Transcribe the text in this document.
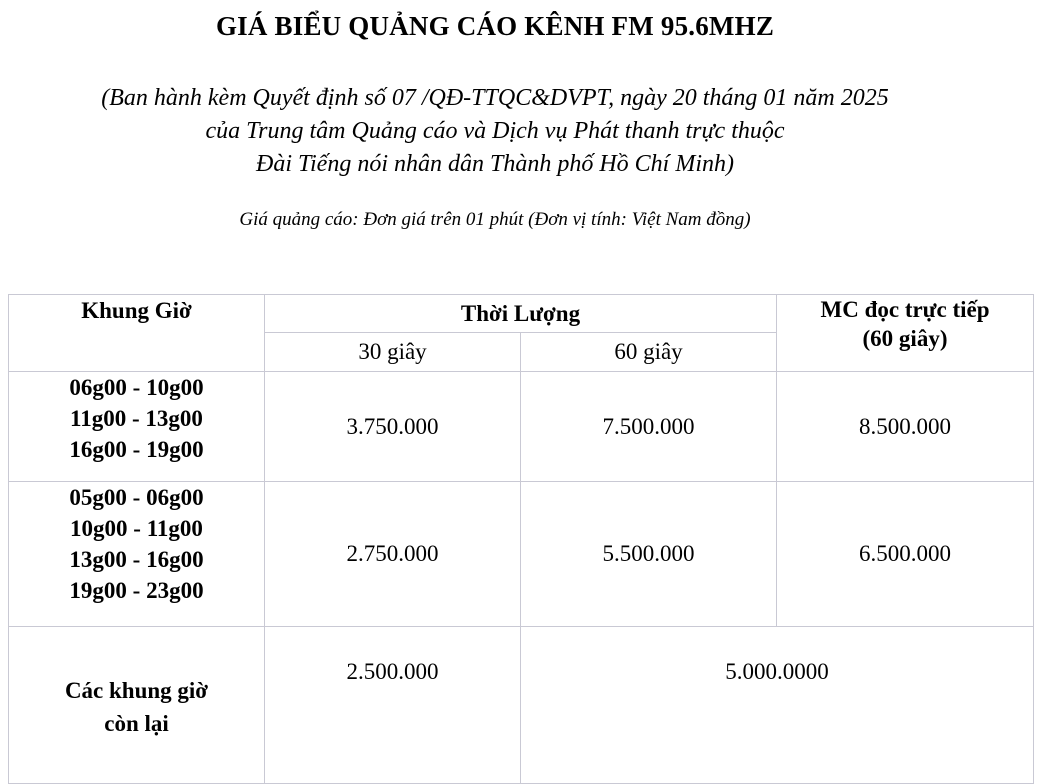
GIÁ BIỂU QUẢNG CÁO KÊNH FM 95.6MHZ
(Ban hành kèm Quyết định số 07 /QĐ-TTQC&DVPT, ngày 20 tháng 01 năm 2025
của Trung tâm Quảng cáo và Dịch vụ Phát thanh trực thuộc
Đài Tiếng nói nhân dân Thành phố Hồ Chí Minh)
Giá quảng cáo: Đơn giá trên 01 phút (Đơn vị tính: Việt Nam đồng)
Khung Giờ	Thời Lượng		MC đọc trực tiếp
(60 giây)
	30 giây	60 giây	

06g00 - 10g00
11g00 - 13g00
16g00 - 19g00	3.750.000	7.500.000	8.500.000

05g00 - 06g00
10g00 - 11g00
13g00 - 16g00
19g00 - 23g00	2.750.000	5.500.000	6.500.000

Các khung giờ
còn lại	2.500.000	5.000.0000	
